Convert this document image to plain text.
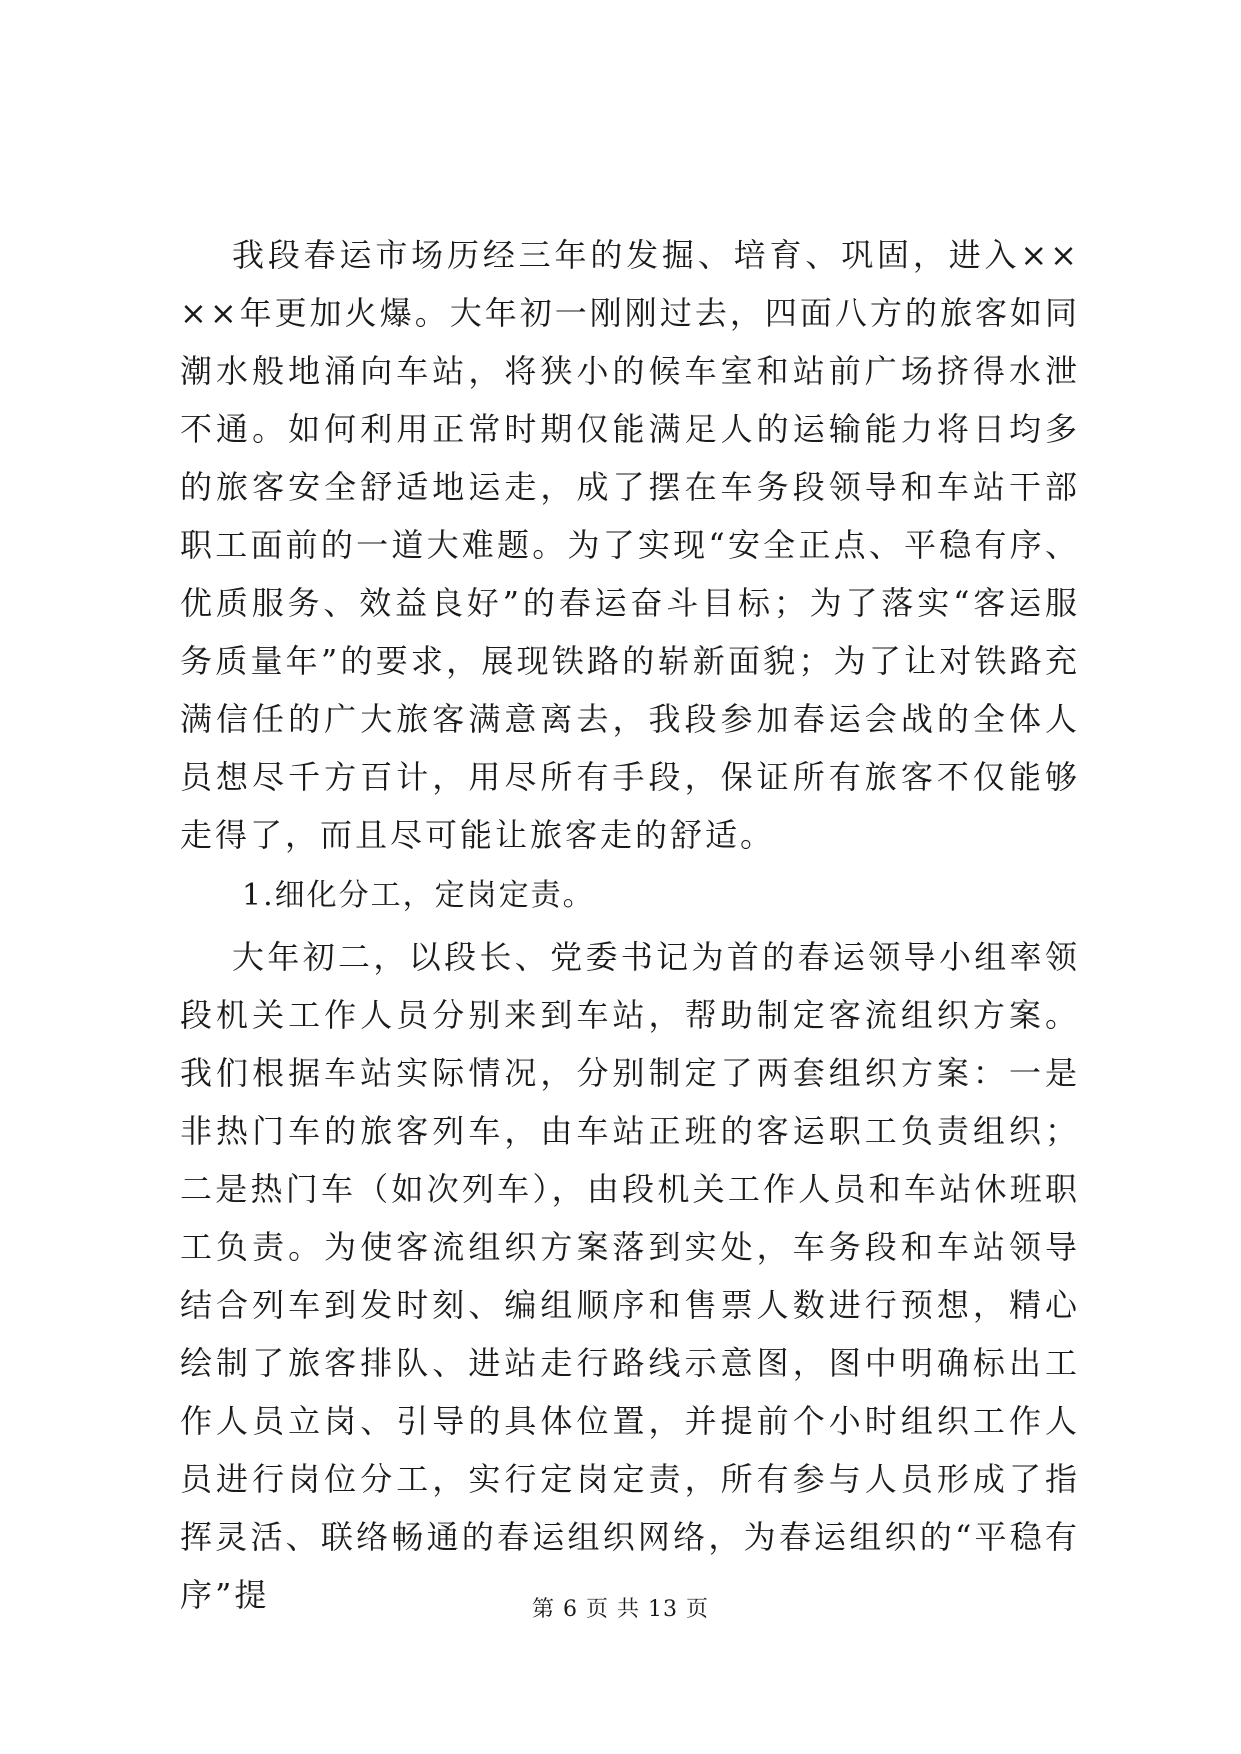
我段春运市场历经三年的发掘、培育、巩固，进入××××年更加火爆。大年初一刚刚过去，四面八方的旅客如同潮水般地涌向车站，将狭小的候车室和站前广场挤得水泄不通。如何利用正常时期仅能满足人的运输能力将日均多的旅客安全舒适地运走，成了摆在车务段领导和车站干部职工面前的一道大难题。为了实现“安全正点、平稳有序、优质服务、效益良好”的春运奋斗目标；为了落实“客运服务质量年”的要求，展现铁路的崭新面貌；为了让对铁路充满信任的广大旅客满意离去，我段参加春运会战的全体人员想尽千方百计，用尽所有手段，保证所有旅客不仅能够走得了，而且尽可能让旅客走的舒适。

1.细化分工，定岗定责。

大年初二，以段长、党委书记为首的春运领导小组率领段机关工作人员分别来到车站，帮助制定客流组织方案。我们根据车站实际情况，分别制定了两套组织方案：一是非热门车的旅客列车，由车站正班的客运职工负责组织；二是热门车（如次列车），由段机关工作人员和车站休班职工负责。为使客流组织方案落到实处，车务段和车站领导结合列车到发时刻、编组顺序和售票人数进行预想，精心绘制了旅客排队、进站走行路线示意图，图中明确标出工作人员立岗、引导的具体位置，并提前个小时组织工作人员进行岗位分工，实行定岗定责，所有参与人员形成了指挥灵活、联络畅通的春运组织网络，为春运组织的“平稳有序”提	第 6 页 共 13 页
